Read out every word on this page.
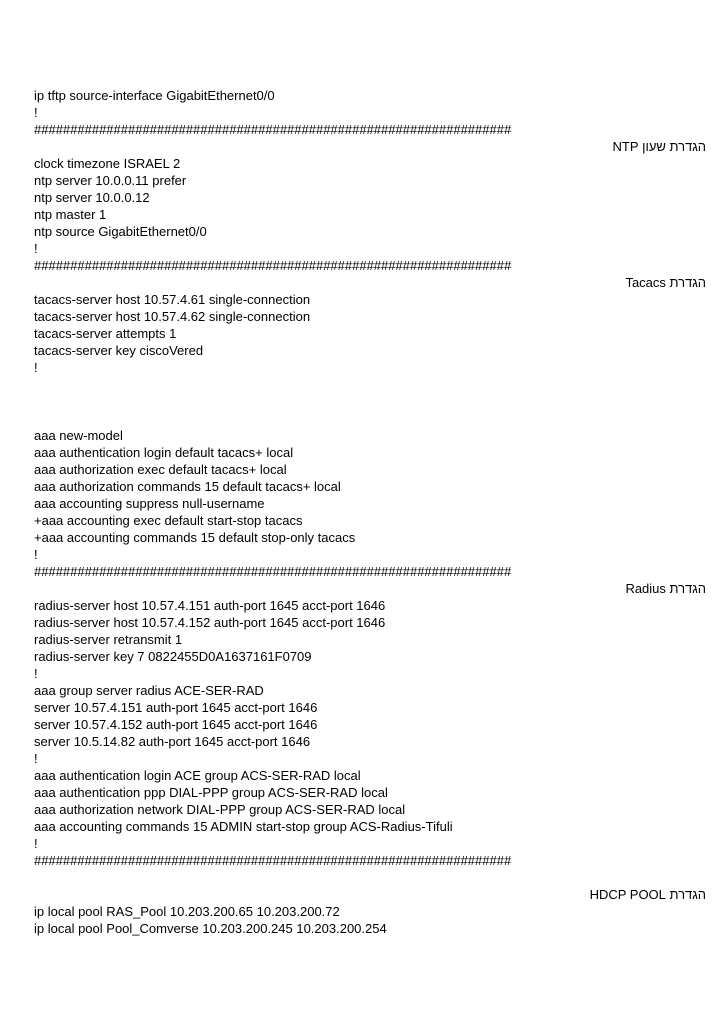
ip tftp source-interface GigabitEthernet0/0
!
##################################################################
הגדרת שעון NTP
clock timezone ISRAEL 2
ntp server 10.0.0.11 prefer
ntp server 10.0.0.12
ntp master 1
ntp source GigabitEthernet0/0
!
##################################################################
הגדרת Tacacs
tacacs-server host 10.57.4.61 single-connection
tacacs-server host 10.57.4.62 single-connection
tacacs-server attempts 1
tacacs-server key ciscoVered
!
aaa new-model
aaa authentication login default tacacs+ local
aaa authorization exec default tacacs+ local
aaa authorization commands 15 default tacacs+ local
aaa accounting suppress null-username
+aaa accounting exec default start-stop tacacs
+aaa accounting commands 15 default stop-only tacacs
!
##################################################################
הגדרת Radius
radius-server host 10.57.4.151 auth-port 1645 acct-port 1646
radius-server host 10.57.4.152 auth-port 1645 acct-port 1646
radius-server retransmit 1
radius-server key 7 0822455D0A1637161F0709
!
aaa group server radius ACE-SER-RAD
server 10.57.4.151 auth-port 1645 acct-port 1646
server 10.57.4.152 auth-port 1645 acct-port 1646
server 10.5.14.82 auth-port 1645 acct-port 1646
!
aaa authentication login ACE group ACS-SER-RAD local
aaa authentication ppp DIAL-PPP group ACS-SER-RAD local
aaa authorization network DIAL-PPP group ACS-SER-RAD local
aaa accounting commands 15 ADMIN start-stop group ACS-Radius-Tifuli
!
##################################################################
הגדרת HDCP POOL
ip local pool RAS_Pool 10.203.200.65 10.203.200.72
ip local pool Pool_Comverse 10.203.200.245 10.203.200.254
